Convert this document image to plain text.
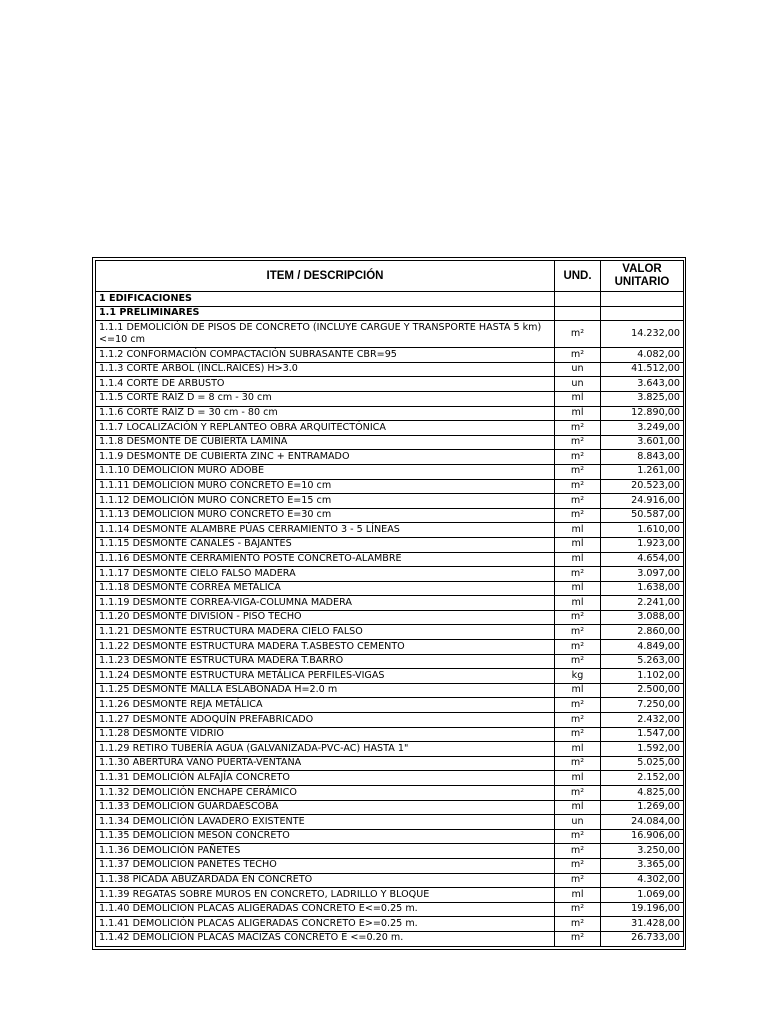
ITEM / DESCRIPCIÓN	UND.	VALOR UNITARIO
1 EDIFICACIONES		
1.1 PRELIMINARES		
1.1.1 DEMOLICIÓN DE PISOS DE CONCRETO (INCLUYE CARGUE Y TRANSPORTE HASTA 5 km) <=10 cm	m²	14.232,00
1.1.2 CONFORMACIÓN COMPACTACIÓN SUBRASANTE CBR=95	m²	4.082,00
1.1.3 CORTE ÁRBOL (INCL.RAÍCES) H>3.0	un	41.512,00
1.1.4 CORTE DE ARBUSTO	un	3.643,00
1.1.5 CORTE RAÍZ D = 8 cm - 30 cm	ml	3.825,00
1.1.6 CORTE RAÍZ D = 30 cm - 80 cm	ml	12.890,00
1.1.7 LOCALIZACIÓN Y REPLANTEO OBRA ARQUITECTÓNICA	m²	3.249,00
1.1.8 DESMONTE DE CUBIERTA LAMINA	m²	3.601,00
1.1.9 DESMONTE DE CUBIERTA ZINC + ENTRAMADO	m²	8.843,00
1.1.10 DEMOLICIÓN MURO ADOBE	m²	1.261,00
1.1.11 DEMOLICIÓN MURO CONCRETO E=10 cm	m²	20.523,00
1.1.12 DEMOLICIÓN MURO CONCRETO E=15 cm	m²	24.916,00
1.1.13 DEMOLICIÓN MURO CONCRETO E=30 cm	m²	50.587,00
1.1.14 DESMONTE ALAMBRE PÚAS CERRAMIENTO 3 - 5 LÍNEAS	ml	1.610,00
1.1.15 DESMONTE CANALES - BAJANTES	ml	1.923,00
1.1.16 DESMONTE CERRAMIENTO POSTE CONCRETO-ALAMBRE	ml	4.654,00
1.1.17 DESMONTE CIELO FALSO MADERA	m²	3.097,00
1.1.18 DESMONTE CORREA METÁLICA	ml	1.638,00
1.1.19 DESMONTE CORREA-VIGA-COLUMNA MADERA	ml	2.241,00
1.1.20 DESMONTE DIVISIÓN - PISO TECHO	m²	3.088,00
1.1.21 DESMONTE ESTRUCTURA MADERA CIELO FALSO	m²	2.860,00
1.1.22 DESMONTE ESTRUCTURA MADERA T.ASBESTO CEMENTO	m²	4.849,00
1.1.23 DESMONTE ESTRUCTURA MADERA T.BARRO	m²	5.263,00
1.1.24 DESMONTE ESTRUCTURA METÁLICA PERFILES-VIGAS	kg	1.102,00
1.1.25 DESMONTE MALLA ESLABONADA H=2.0 m	ml	2.500,00
1.1.26 DESMONTE REJA METÁLICA	m²	7.250,00
1.1.27 DESMONTE ADOQUÍN PREFABRICADO	m²	2.432,00
1.1.28 DESMONTE VIDRIO	m²	1.547,00
1.1.29 RETIRO TUBERÍA AGUA (GALVANIZADA-PVC-AC) HASTA 1"	ml	1.592,00
1.1.30 ABERTURA VANO PUERTA-VENTANA	m²	5.025,00
1.1.31 DEMOLICIÓN ALFAJÍA CONCRETO	ml	2.152,00
1.1.32 DEMOLICIÓN ENCHAPE CERÁMICO	m²	4.825,00
1.1.33 DEMOLICIÓN GUARDAESCOBA	ml	1.269,00
1.1.34 DEMOLICIÓN LAVADERO EXISTENTE	un	24.084,00
1.1.35 DEMOLICIÓN MESÓN CONCRETO	m²	16.906,00
1.1.36 DEMOLICIÓN PAÑETES	m²	3.250,00
1.1.37 DEMOLICIÓN PAÑETES TECHO	m²	3.365,00
1.1.38 PICADA ABUZARDADA EN CONCRETO	m²	4.302,00
1.1.39 REGATAS SOBRE MUROS EN CONCRETO, LADRILLO Y BLOQUE	ml	1.069,00
1.1.40 DEMOLICIÓN PLACAS ALIGERADAS CONCRETO E<=0.25 m.	m²	19.196,00
1.1.41 DEMOLICIÓN PLACAS ALIGERADAS CONCRETO E>=0.25 m.	m²	31.428,00
1.1.42 DEMOLICIÓN PLACAS MACIZAS CONCRETO E <=0.20 m.	m²	26.733,00
